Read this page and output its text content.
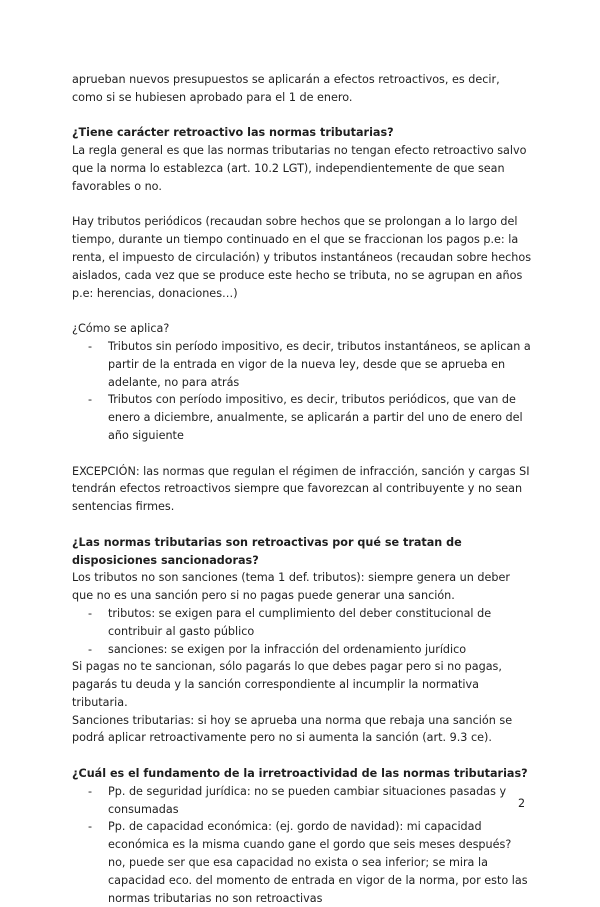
aprueban nuevos presupuestos se aplicarán a efectos retroactivos, es decir, como si se hubiesen aprobado para el 1 de enero.

¿Tiene carácter retroactivo las normas tributarias?

La regla general es que las normas tributarias no tengan efecto retroactivo salvo que la norma lo establezca (art. 10.2 LGT), independientemente de que sean favorables o no.

Hay tributos periódicos (recaudan sobre hechos que se prolongan a lo largo del tiempo, durante un tiempo continuado en el que se fraccionan los pagos p.e: la renta, el impuesto de circulación) y tributos instantáneos (recaudan sobre hechos aislados, cada vez que se produce este hecho se tributa, no se agrupan en años p.e: herencias, donaciones…)

¿Cómo se aplica?

- Tributos sin período impositivo, es decir, tributos instantáneos, se aplican a partir de la entrada en vigor de la nueva ley, desde que se aprueba en adelante, no para atrás
- Tributos con período impositivo, es decir, tributos periódicos, que van de enero a diciembre, anualmente, se aplicarán a partir del uno de enero del año siguiente

EXCEPCIÓN: las normas que regulan el régimen de infracción, sanción y cargas SI tendrán efectos retroactivos siempre que favorezcan al contribuyente y no sean sentencias firmes.

¿Las normas tributarias son retroactivas por qué se tratan de disposiciones sancionadoras?

Los tributos no son sanciones (tema 1 def. tributos): siempre genera un deber que no es una sanción pero si no pagas puede generar una sanción.

- tributos: se exigen para el cumplimiento del deber constitucional de contribuir al gasto público
- sanciones: se exigen por la infracción del ordenamiento jurídico

Si pagas no te sancionan, sólo pagarás lo que debes pagar pero si no pagas, pagarás tu deuda y la sanción correspondiente al incumplir la normativa tributaria.

Sanciones tributarias: si hoy se aprueba una norma que rebaja una sanción se podrá aplicar retroactivamente pero no si aumenta la sanción (art. 9.3 ce).

¿Cuál es el fundamento de la irretroactividad de las normas tributarias?

- Pp. de seguridad jurídica: no se pueden cambiar situaciones pasadas y consumadas
- Pp. de capacidad económica: (ej. gordo de navidad): mi capacidad económica es la misma cuando gane el gordo que seis meses después? no, puede ser que esa capacidad no exista o sea inferior; se mira la capacidad eco. del momento de entrada en vigor de la norma, por esto las normas tributarias no son retroactivas
2
